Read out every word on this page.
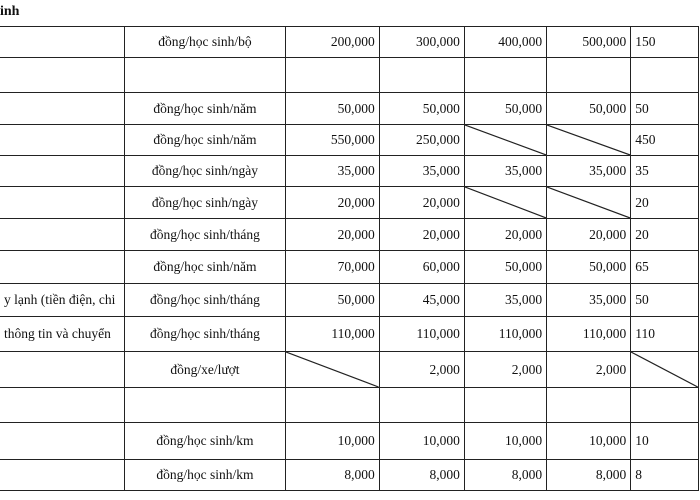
inh
	đồng/học sinh/bộ	200,000	300,000	400,000	500,000	150

	đồng/học sinh/năm	50,000	50,000	50,000	50,000	50
	đồng/học sinh/năm	550,000	250,000			450
	đồng/học sinh/ngày	35,000	35,000	35,000	35,000	35
	đồng/học sinh/ngày	20,000	20,000			20
	đồng/học sinh/tháng	20,000	20,000	20,000	20,000	20
	đồng/học sinh/năm	70,000	60,000	50,000	50,000	65
y lạnh (tiền điện, chi	đồng/học sinh/tháng	50,000	45,000	35,000	35,000	50
thông tin và chuyển	đồng/học sinh/tháng	110,000	110,000	110,000	110,000	110
	đồng/xe/lượt		2,000	2,000	2,000	

	đồng/học sinh/km	10,000	10,000	10,000	10,000	10
	đồng/học sinh/km	8,000	8,000	8,000	8,000	8
